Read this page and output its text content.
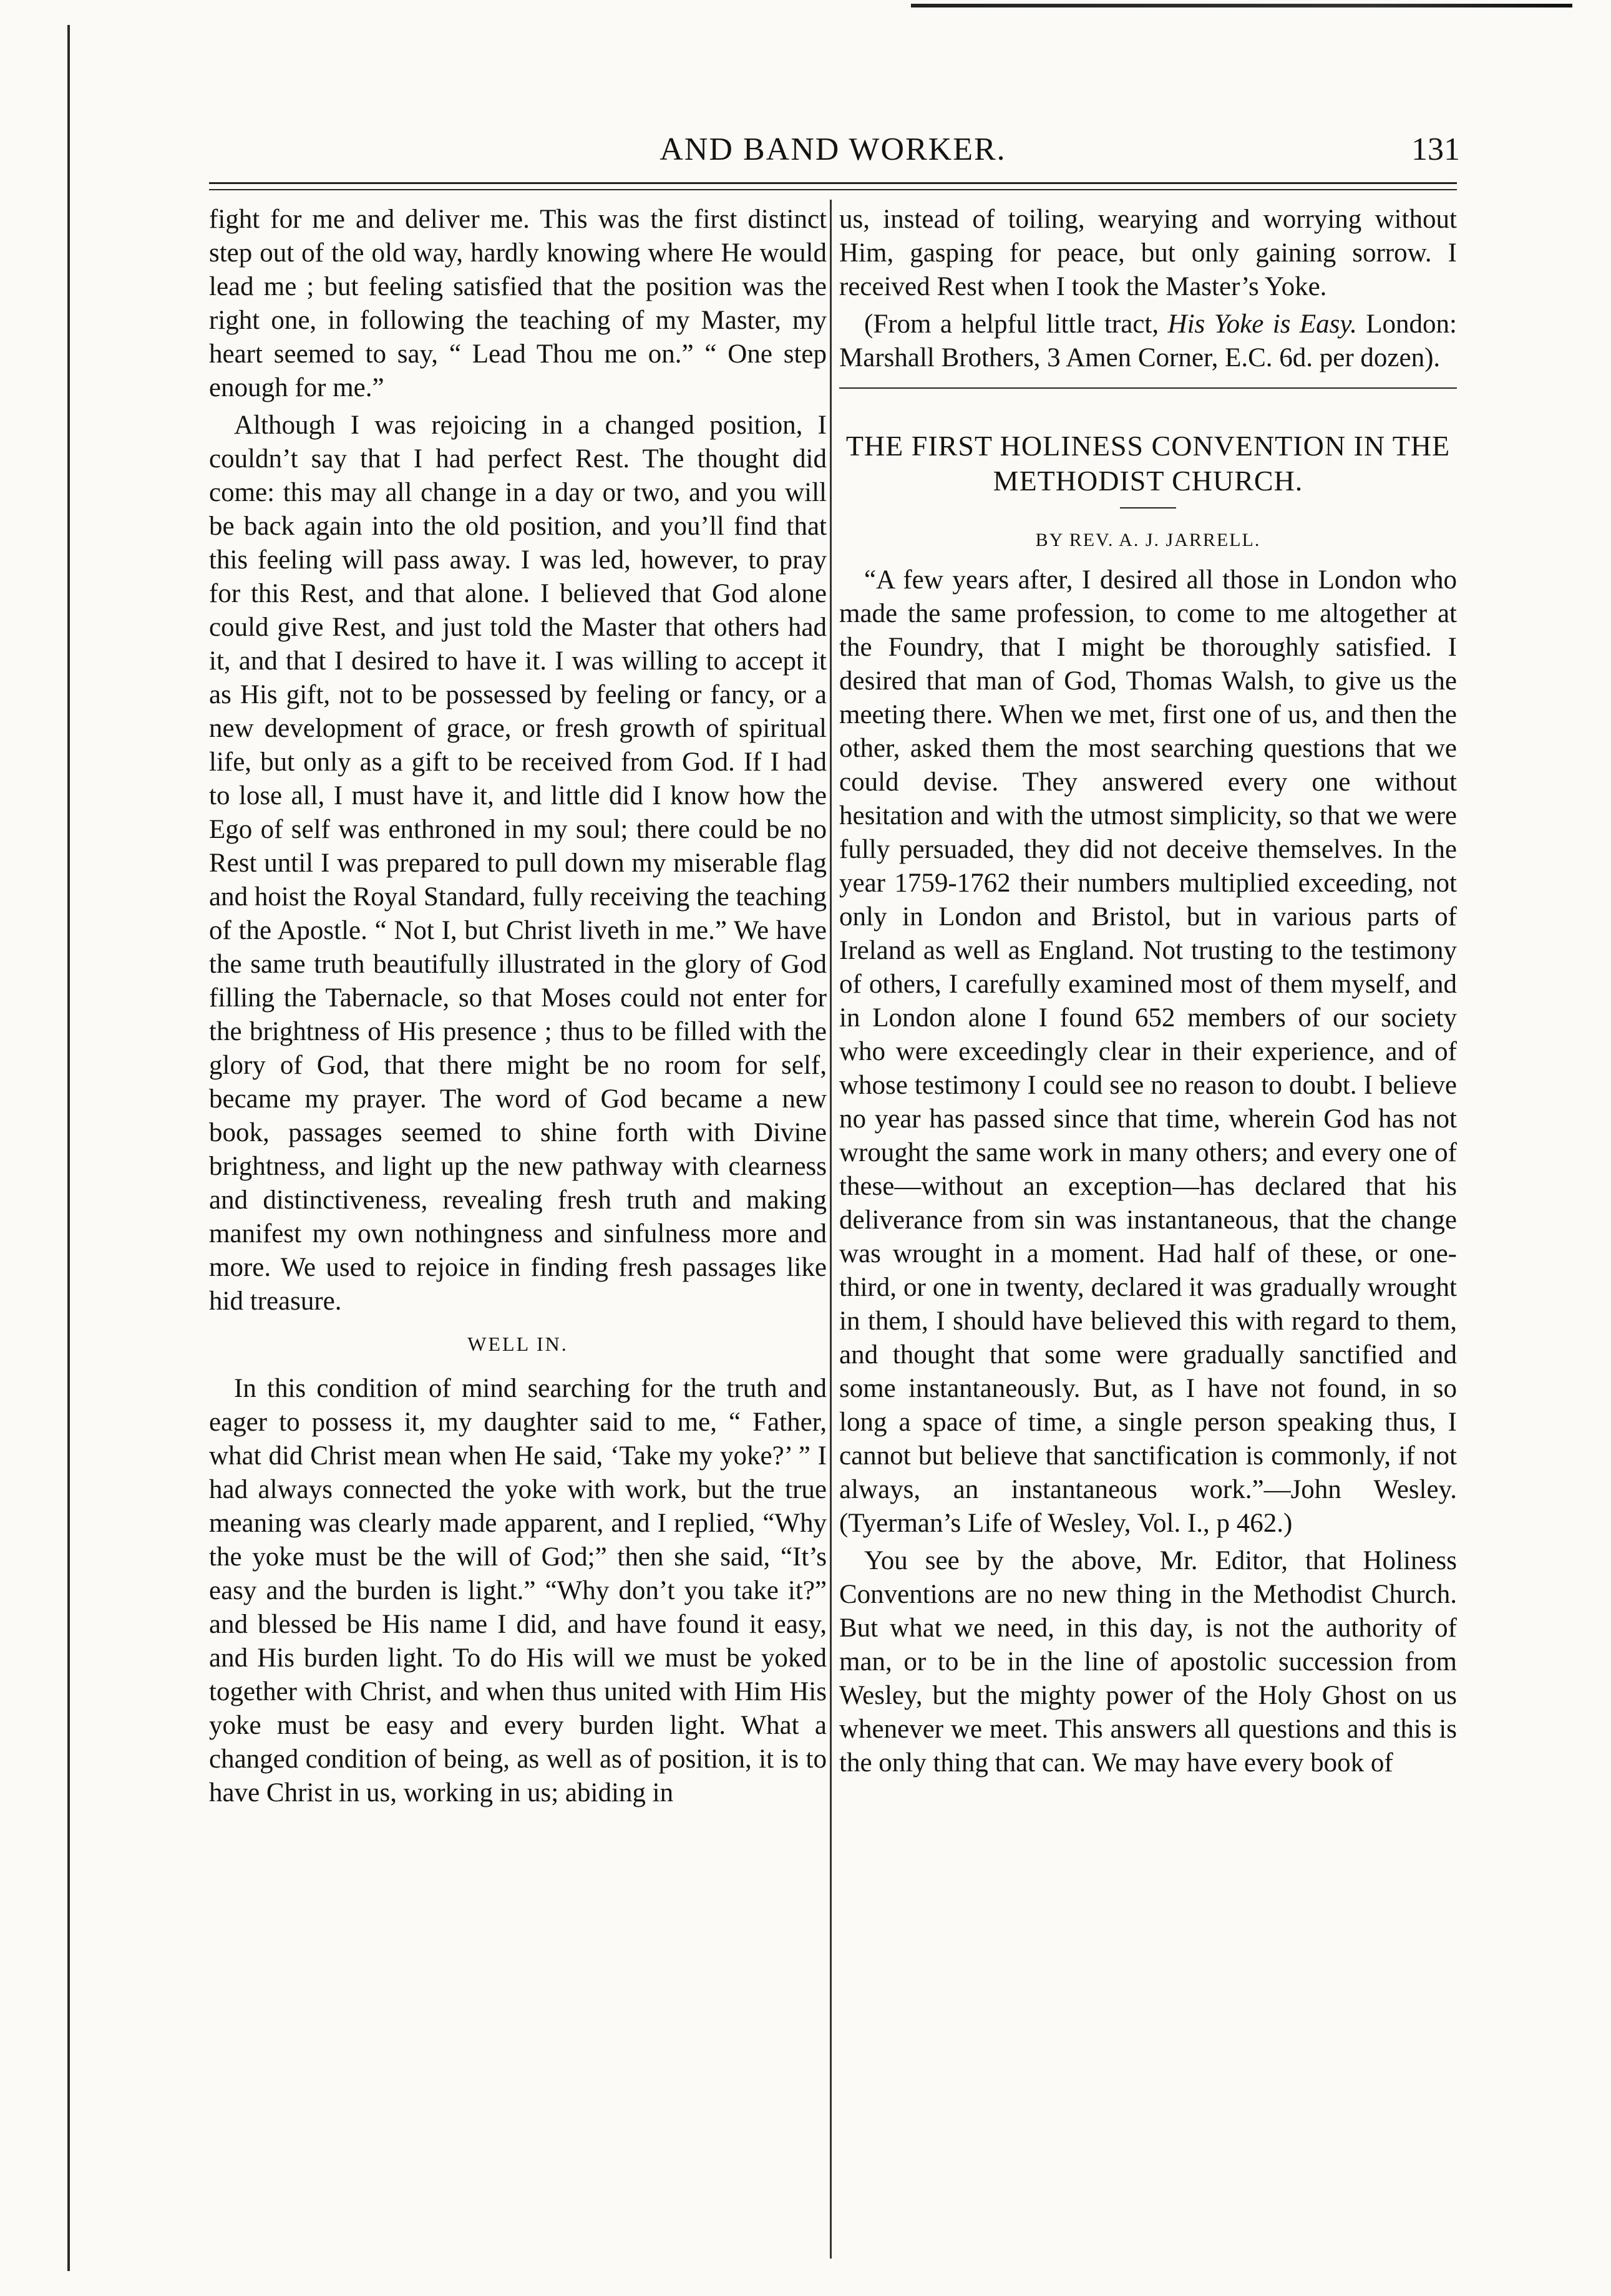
AND BAND WORKER.	131

fight for me and deliver me. This was the first distinct step out of the old way, hardly knowing where He would lead me ; but feeling satisfied that the position was the right one, in following the teaching of my Master, my heart seemed to say, “ Lead Thou me on.” “ One step enough for me.”

Although I was rejoicing in a changed position, I couldn’t say that I had perfect Rest. The thought did come: this may all change in a day or two, and you will be back again into the old position, and you’ll find that this feeling will pass away. I was led, however, to pray for this Rest, and that alone. I believed that God alone could give Rest, and just told the Master that others had it, and that I desired to have it. I was willing to accept it as His gift, not to be possessed by feeling or fancy, or a new development of grace, or fresh growth of spiritual life, but only as a gift to be received from God. If I had to lose all, I must have it, and little did I know how the Ego of self was enthroned in my soul; there could be no Rest until I was prepared to pull down my miserable flag and hoist the Royal Standard, fully receiving the teaching of the Apostle. “ Not I, but Christ liveth in me.” We have the same truth beautifully illustrated in the glory of God filling the Tabernacle, so that Moses could not enter for the brightness of His presence ; thus to be filled with the glory of God, that there might be no room for self, became my prayer. The word of God became a new book, passages seemed to shine forth with Divine brightness, and light up the new pathway with clearness and distinctiveness, revealing fresh truth and making manifest my own nothingness and sinfulness more and more. We used to rejoice in finding fresh passages like hid treasure.

WELL IN.

In this condition of mind searching for the truth and eager to possess it, my daughter said to me, “ Father, what did Christ mean when He said, ‘Take my yoke?’ ” I had always connected the yoke with work, but the true meaning was clearly made apparent, and I replied, “Why the yoke must be the will of God;” then she said, “It’s easy and the burden is light.” “Why don’t you take it?” and blessed be His name I did, and have found it easy, and His burden light. To do His will we must be yoked together with Christ, and when thus united with Him His yoke must be easy and every burden light. What a changed condition of being, as well as of position, it is to have Christ in us, working in us; abiding in

us, instead of toiling, wearying and worrying without Him, gasping for peace, but only gaining sorrow. I received Rest when I took the Master’s Yoke.

(From a helpful little tract, His Yoke is Easy. London: Marshall Brothers, 3 Amen Corner, E.C. 6d. per dozen).

THE FIRST HOLINESS CONVENTION IN THE METHODIST CHURCH.
BY REV. A. J. JARRELL.

“A few years after, I desired all those in London who made the same profession, to come to me altogether at the Foundry, that I might be thoroughly satisfied. I desired that man of God, Thomas Walsh, to give us the meeting there. When we met, first one of us, and then the other, asked them the most searching questions that we could devise. They answered every one without hesitation and with the utmost simplicity, so that we were fully persuaded, they did not deceive themselves. In the year 1759-1762 their numbers multiplied exceeding, not only in London and Bristol, but in various parts of Ireland as well as England. Not trusting to the testimony of others, I carefully examined most of them myself, and in London alone I found 652 members of our society who were exceedingly clear in their experience, and of whose testimony I could see no reason to doubt. I believe no year has passed since that time, wherein God has not wrought the same work in many others; and every one of these—without an exception—has declared that his deliverance from sin was instantaneous, that the change was wrought in a moment. Had half of these, or one-third, or one in twenty, declared it was gradually wrought in them, I should have believed this with regard to them, and thought that some were gradually sanctified and some instantaneously. But, as I have not found, in so long a space of time, a single person speaking thus, I cannot but believe that sanctification is commonly, if not always, an instantaneous work.”—John Wesley. (Tyerman’s Life of Wesley, Vol. I., p 462.)

You see by the above, Mr. Editor, that Holiness Conventions are no new thing in the Methodist Church. But what we need, in this day, is not the authority of man, or to be in the line of apostolic succession from Wesley, but the mighty power of the Holy Ghost on us whenever we meet. This answers all questions and this is the only thing that can. We may have every book of
